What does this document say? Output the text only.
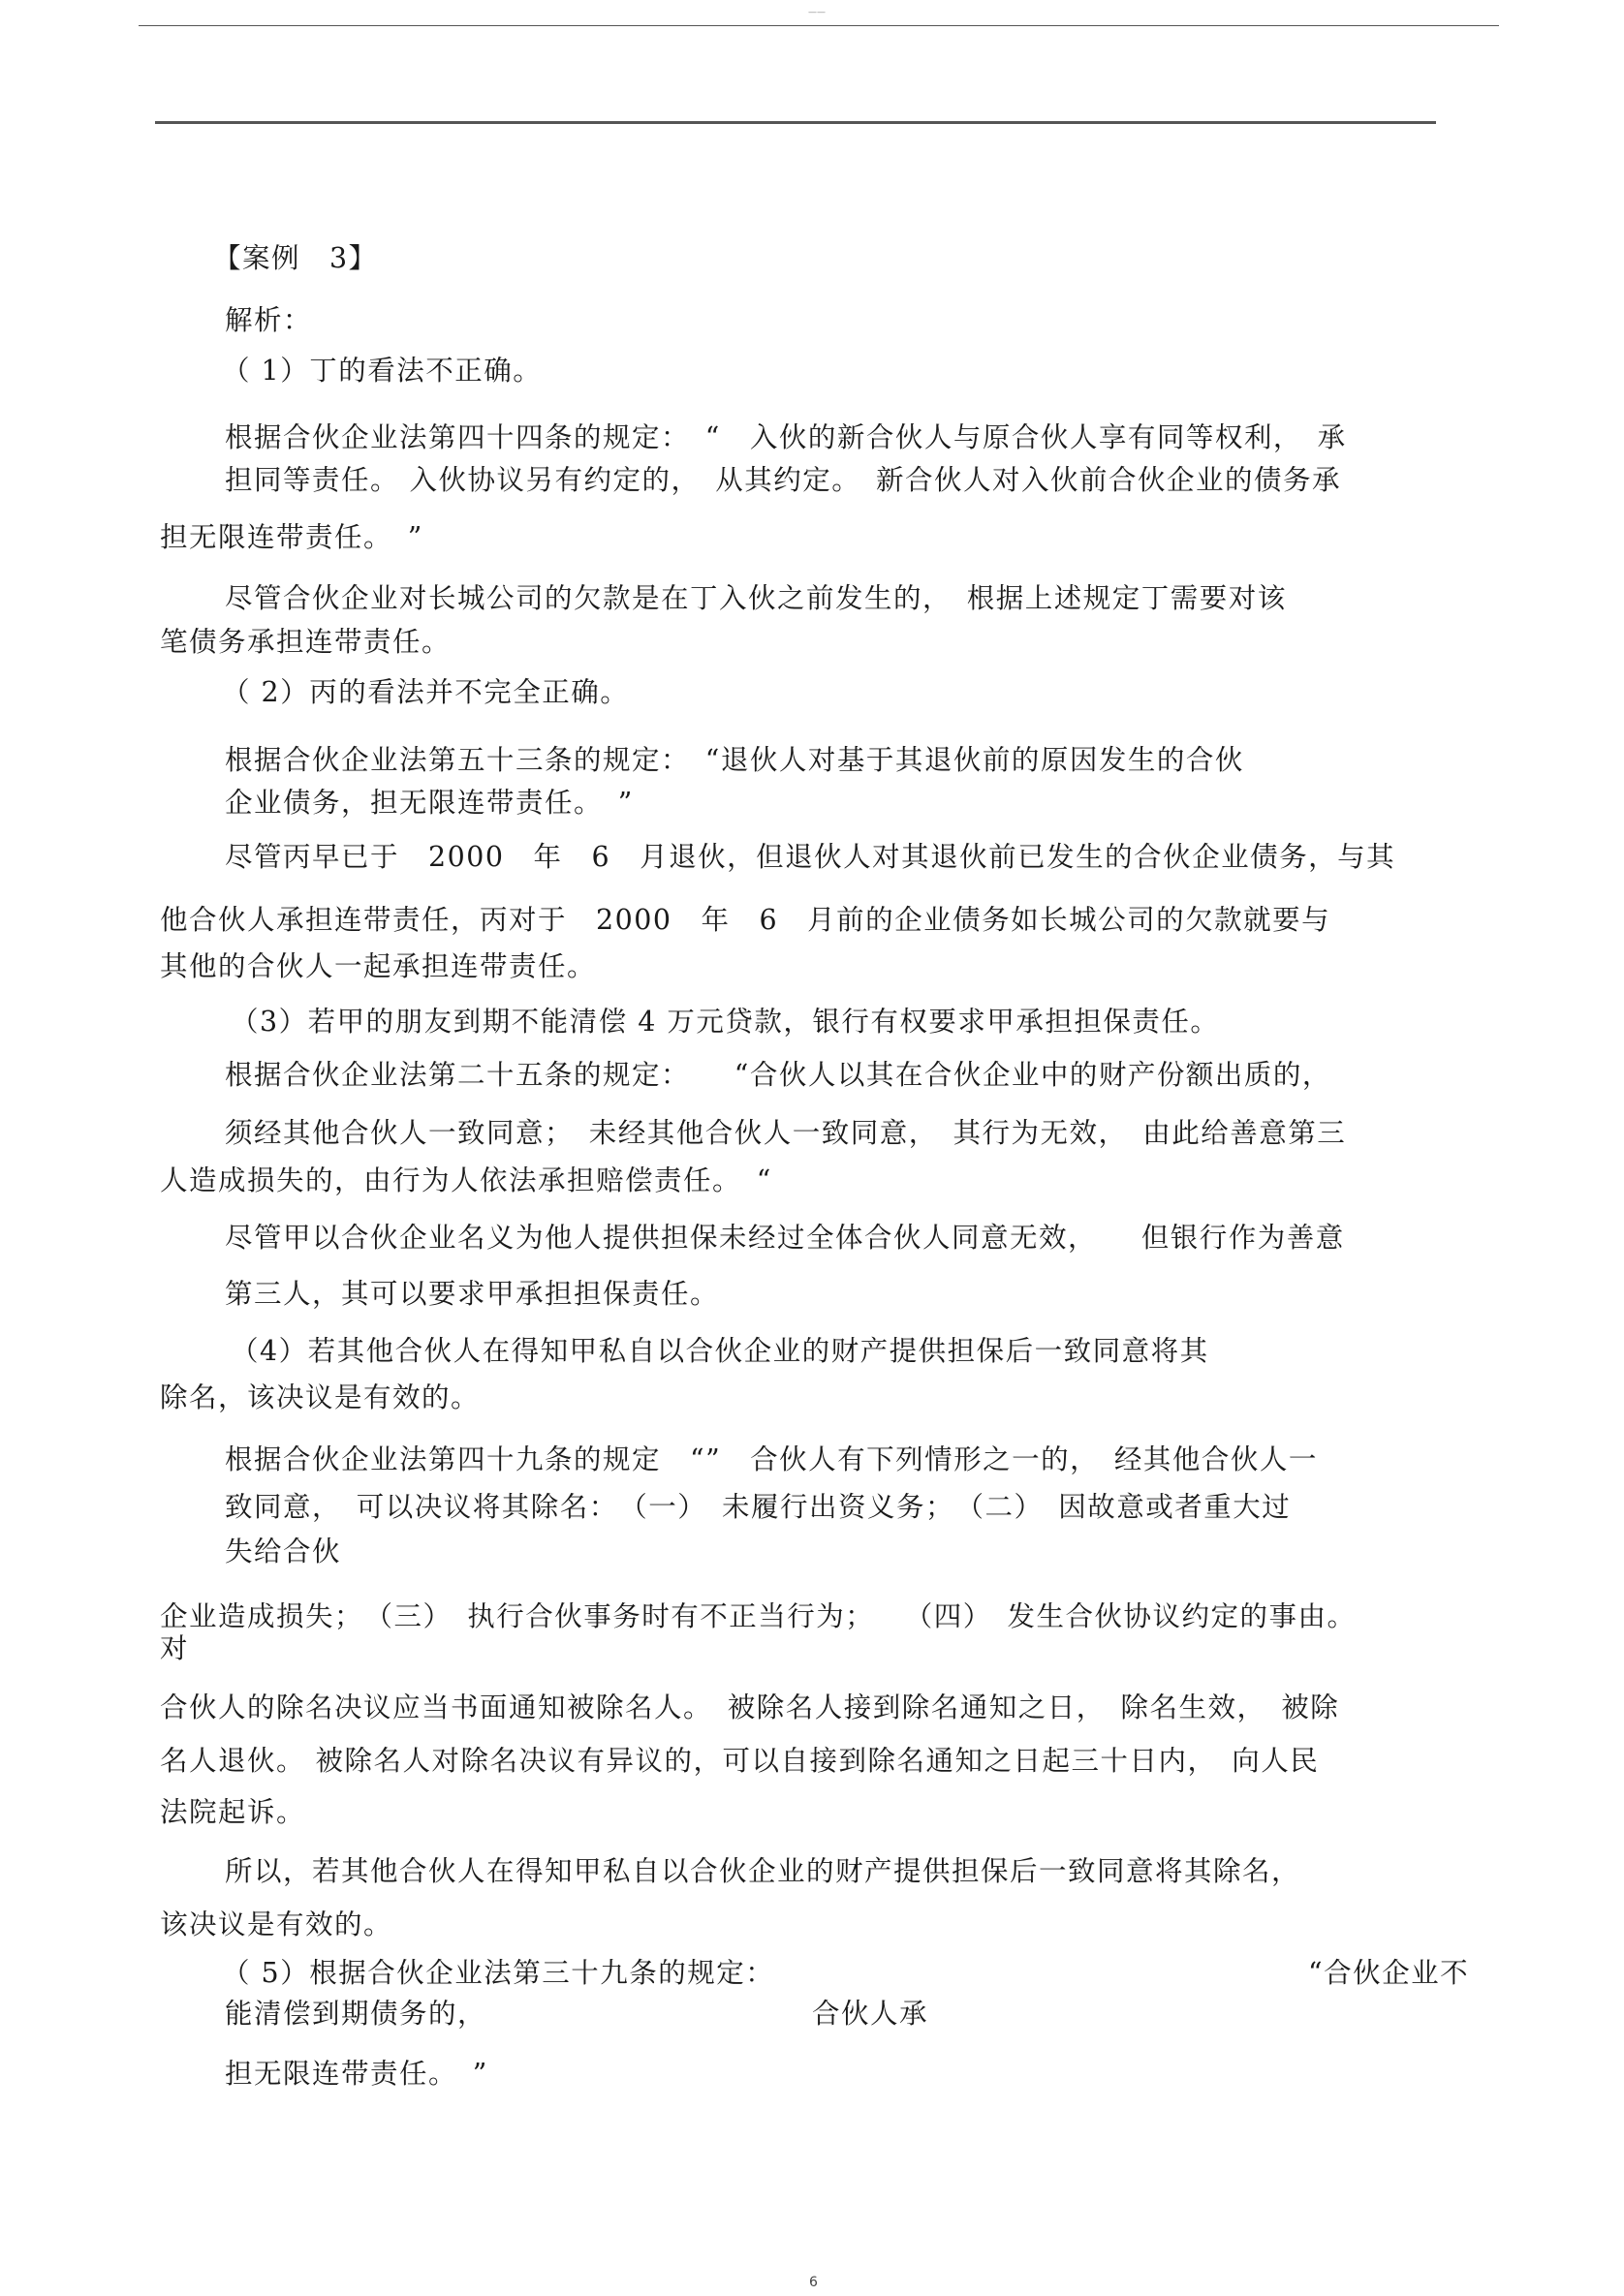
——
【案例　3】
解析：
（ 1）丁的看法不正确。
根据合伙企业法第四十四条的规定：　“　入伙的新合伙人与原合伙人享有同等权利，　承
担同等责任。 入伙协议另有约定的，　从其约定。　新合伙人对入伙前合伙企业的债务承
担无限连带责任。　”
尽管合伙企业对长城公司的欠款是在丁入伙之前发生的，　根据上述规定丁需要对该
笔债务承担连带责任。
（ 2）丙的看法并不完全正确。
根据合伙企业法第五十三条的规定：　“退伙人对基于其退伙前的原因发生的合伙
企业债务，担无限连带责任。　”
尽管丙早已于　2000　年　6　月退伙，但退伙人对其退伙前已发生的合伙企业债务，与其
他合伙人承担连带责任，丙对于　2000　年　6　月前的企业债务如长城公司的欠款就要与
其他的合伙人一起承担连带责任。
（3）若甲的朋友到期不能清偿 4 万元贷款，银行有权要求甲承担担保责任。
根据合伙企业法第二十五条的规定：　　“合伙人以其在合伙企业中的财产份额出质的，
须经其他合伙人一致同意；　未经其他合伙人一致同意，　其行为无效，　由此给善意第三
人造成损失的，由行为人依法承担赔偿责任。　“
尽管甲以合伙企业名义为他人提供担保未经过全体合伙人同意无效，　　但银行作为善意
第三人，其可以要求甲承担担保责任。
（4）若其他合伙人在得知甲私自以合伙企业的财产提供担保后一致同意将其
除名，该决议是有效的。
根据合伙企业法第四十九条的规定　“”　合伙人有下列情形之一的，　经其他合伙人一
致同意，　可以决议将其除名：　（一）　未履行出资义务；　（二）　因故意或者重大过
失给合伙
企业造成损失；　（三）　执行合伙事务时有不正当行为；　　（四）　发生合伙协议约定的事由。
对
合伙人的除名决议应当书面通知被除名人。　被除名人接到除名通知之日，　除名生效，　被除
名人退伙。 被除名人对除名决议有异议的，可以自接到除名通知之日起三十日内，　向人民
法院起诉。
所以，若其他合伙人在得知甲私自以合伙企业的财产提供担保后一致同意将其除名，
该决议是有效的。
（ 5）根据合伙企业法第三十九条的规定：	“合伙企业不
能清偿到期债务的，	合伙人承
担无限连带责任。　”
6
